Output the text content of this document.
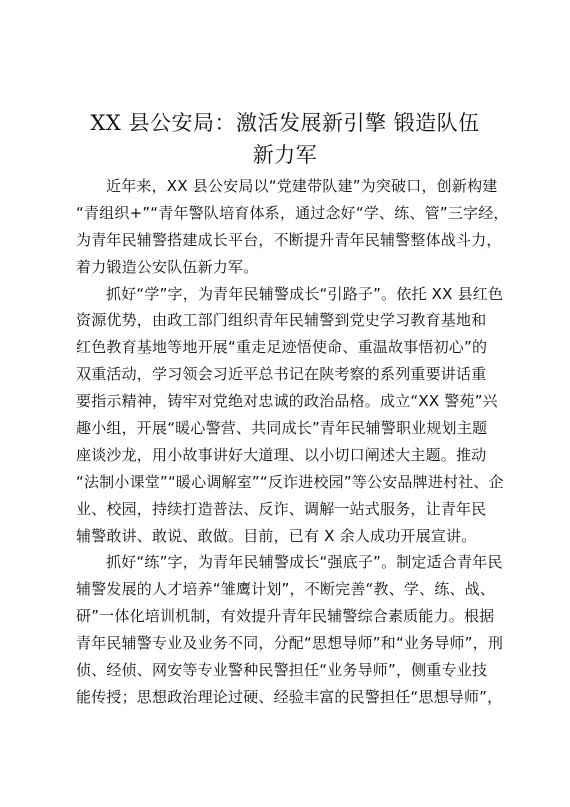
XX 县公安局：激活发展新引擎 锻造队伍
新力军
近年来，XX 县公安局以“党建带队建”为突破口，创新构建
“青组织+”“青年警队培育体系，通过念好“学、练、管”三字经，
为青年民辅警搭建成长平台，不断提升青年民辅警整体战斗力，
着力锻造公安队伍新力军。
抓好“学”字，为青年民辅警成长“引路子”。依托 XX 县红色
资源优势，由政工部门组织青年民辅警到党史学习教育基地和
红色教育基地等地开展“重走足迹悟使命、重温故事悟初心”的
双重活动，学习领会习近平总书记在陕考察的系列重要讲话重
要指示精神，铸牢对党绝对忠诚的政治品格。成立“XX 警苑”兴
趣小组，开展“暖心警营、共同成长”青年民辅警职业规划主题
座谈沙龙，用小故事讲好大道理、以小切口阐述大主题。推动
“法制小课堂”“暖心调解室”“反诈进校园”等公安品牌进村社、企
业、校园，持续打造普法、反诈、调解一站式服务，让青年民
辅警敢讲、敢说、敢做。目前，已有 X 余人成功开展宣讲。
抓好“练”字，为青年民辅警成长“强底子”。制定适合青年民
辅警发展的人才培养“雏鹰计划”，不断完善“教、学、练、战、
研”一体化培训机制，有效提升青年民辅警综合素质能力。根据
青年民辅警专业及业务不同，分配“思想导师”和“业务导师”，刑
侦、经侦、网安等专业警种民警担任“业务导师”，侧重专业技
能传授；思想政治理论过硬、经验丰富的民警担任“思想导师”，
